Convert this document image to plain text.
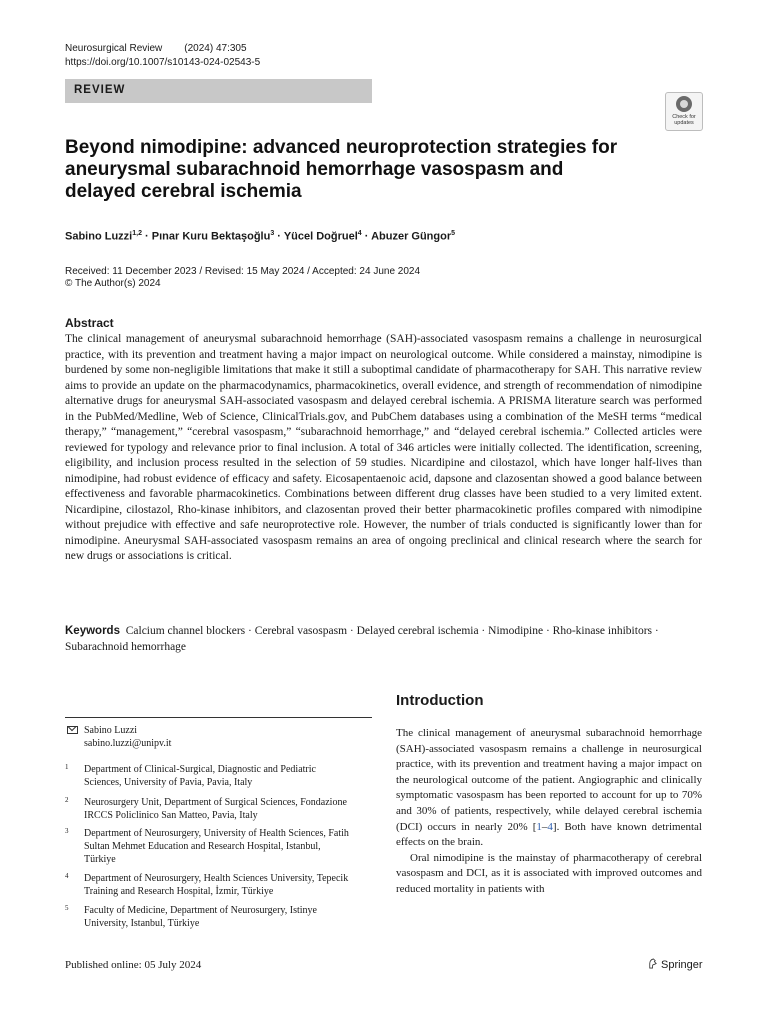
Neurosurgical Review (2024) 47:305
https://doi.org/10.1007/s10143-024-02543-5
REVIEW
Check for
updates
Beyond nimodipine: advanced neuroprotection strategies for aneurysmal subarachnoid hemorrhage vasospasm and delayed cerebral ischemia
Sabino Luzzi$^{1,2}$ · Pınar Kuru Bektaşoğlu$^3$ · Yücel Doğruel$^4$ · Abuzer Güngor$^5$
Received: 11 December 2023 / Revised: 15 May 2024 / Accepted: 24 June 2024
© The Author(s) 2024
Abstract

The clinical management of aneurysmal subarachnoid hemorrhage (SAH)-associated vasospasm remains a challenge in neurosurgical practice, with its prevention and treatment having a major impact on neurological outcome. While considered a mainstay, nimodipine is burdened by some non-negligible limitations that make it still a suboptimal candidate of pharmacotherapy for SAH. This narrative review aims to provide an update on the pharmacodynamics, pharmacokinetics, overall evidence, and strength of recommendation of nimodipine alternative drugs for aneurysmal SAH-associated vasospasm and delayed cerebral ischemia. A PRISMA literature search was performed in the PubMed/Medline, Web of Science, ClinicalTrials.gov, and PubChem databases using a combination of the MeSH terms “medical therapy,” “management,” “cerebral vasospasm,” “subarachnoid hemorrhage,” and “delayed cerebral ischemia.” Collected articles were reviewed for typology and relevance prior to final inclusion. A total of 346 articles were initially collected. The identification, screening, eligibility, and inclusion process resulted in the selection of 59 studies. Nicardipine and cilostazol, which have longer half-lives than nimodipine, had robust evidence of efficacy and safety. Eicosapentaenoic acid, dapsone and clazosentan showed a good balance between effectiveness and favorable pharmacokinetics. Combinations between different drug classes have been studied to a very limited extent. Nicardipine, cilostazol, Rho-kinase inhibitors, and clazosentan proved their better pharmacokinetic profiles compared with nimodipine without prejudice with effective and safe neuroprotective role. However, the number of trials conducted is significantly lower than for nimodipine. Aneurysmal SAH-associated vasospasm remains an area of ongoing preclinical and clinical research where the search for new drugs or associations is critical.

Keywords Calcium channel blockers · Cerebral vasospasm · Delayed cerebral ischemia · Nimodipine · Rho-kinase inhibitors · Subarachnoid hemorrhage

Introduction

The clinical management of aneurysmal subarachnoid hemorrhage (SAH)-associated vasospasm remains a challenge in neurosurgical practice, with its prevention and treatment having a major impact on the neurological outcome of the patient. Angiographic and clinically symptomatic vasospasm has been reported to account for up to 70% and 30% of patients, respectively, while delayed cerebral ischemia (DCI) occurs in nearly 20% [1–4]. Both have known detrimental effects on the brain.

Oral nimodipine is the mainstay of pharmacotherapy of cerebral vasospasm and DCI, as it is associated with improved outcomes and reduced mortality in patients with

Sabino Luzzi
sabino.luzzi@unipv.it
1 Department of Clinical-Surgical, Diagnostic and Pediatric Sciences, University of Pavia, Pavia, Italy
2 Neurosurgery Unit, Department of Surgical Sciences, Fondazione IRCCS Policlinico San Matteo, Pavia, Italy
3 Department of Neurosurgery, University of Health Sciences, Fatih Sultan Mehmet Education and Research Hospital, Istanbul, Türkiye
4 Department of Neurosurgery, Health Sciences University, Tepecik Training and Research Hospital, İzmir, Türkiye
5 Faculty of Medicine, Department of Neurosurgery, Istinye University, Istanbul, Türkiye
Published online: 05 July 2024	Springer
